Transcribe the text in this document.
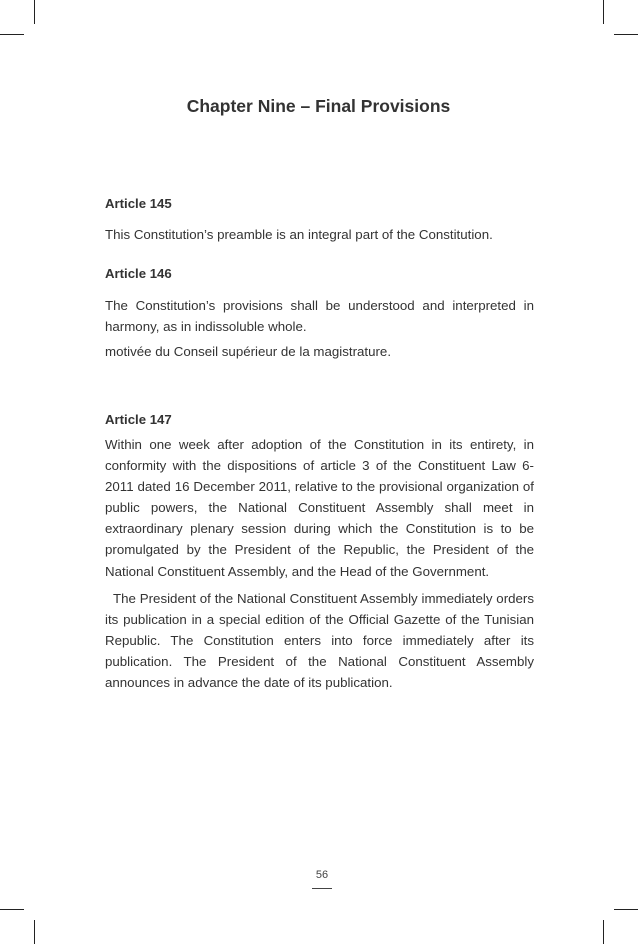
Chapter Nine – Final Provisions
Article 145
This Constitution’s preamble is an integral part of the Constitution.
Article 146
The Constitution’s provisions shall be understood and interpreted in harmony, as in indissoluble whole.
motivée du Conseil supérieur de la magistrature.
Article 147
Within one week after adoption of the Constitution in its entirety, in conformity with the dispositions of article 3 of the Constituent Law 6-2011 dated 16 December 2011, relative to the provisional organization of public powers, the National Constituent Assembly shall meet in extraordinary plenary session during which the Constitution is to be promulgated by the President of the Republic, the President of the National Constituent Assembly, and the Head of the Government.
The President of the National Constituent Assembly immediately orders its publication in a special edition of the Official Gazette of the Tunisian Republic. The Constitution enters into force immediately after its publication. The President of the National Constituent Assembly announces in advance the date of its publication.
56
